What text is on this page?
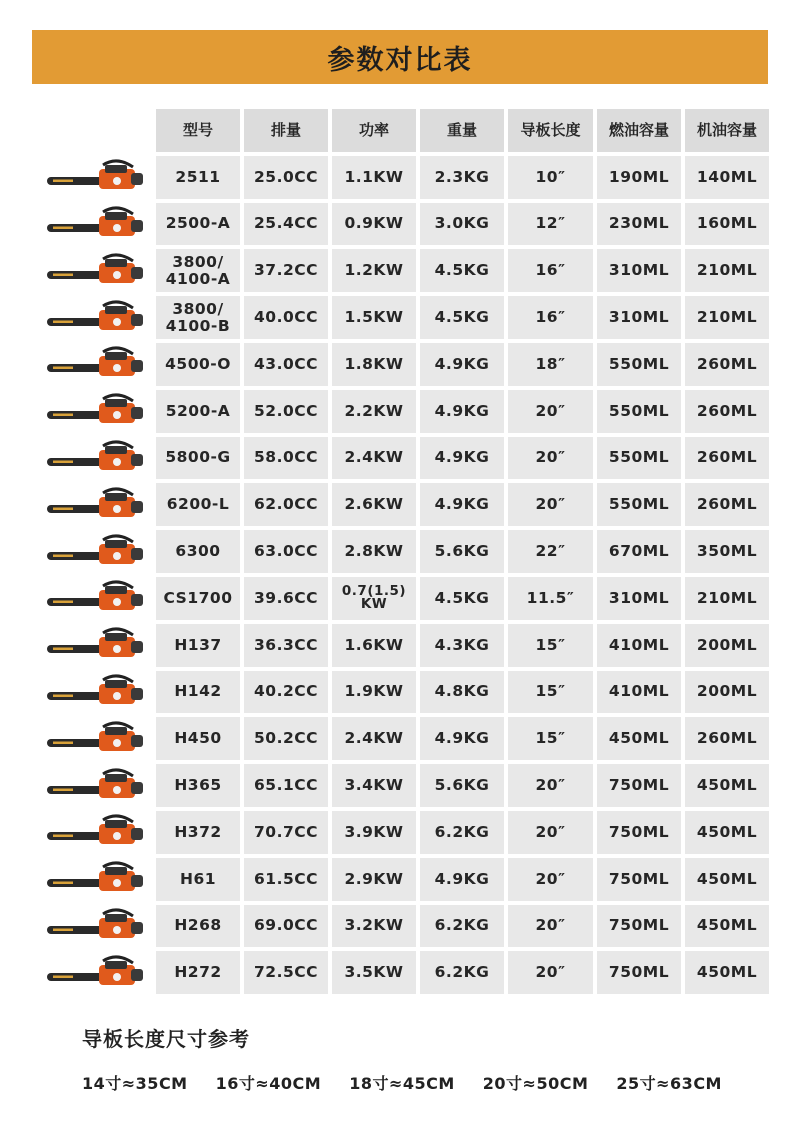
参数对比表
型号	排量	功率	重量	导板长度	燃油容量	机油容量
2511	25.0CC	1.1KW	2.3KG	10″	190ML	140ML
2500-A	25.4CC	0.9KW	3.0KG	12″	230ML	160ML
3800/
4100-A	37.2CC	1.2KW	4.5KG	16″	310ML	210ML
3800/
4100-B	40.0CC	1.5KW	4.5KG	16″	310ML	210ML
4500-O	43.0CC	1.8KW	4.9KG	18″	550ML	260ML
5200-A	52.0CC	2.2KW	4.9KG	20″	550ML	260ML
5800-G	58.0CC	2.4KW	4.9KG	20″	550ML	260ML
6200-L	62.0CC	2.6KW	4.9KG	20″	550ML	260ML
6300	63.0CC	2.8KW	5.6KG	22″	670ML	350ML
CS1700	39.6CC	0.7(1.5)
KW	4.5KG	11.5″	310ML	210ML
H137	36.3CC	1.6KW	4.3KG	15″	410ML	200ML
H142	40.2CC	1.9KW	4.8KG	15″	410ML	200ML
H450	50.2CC	2.4KW	4.9KG	15″	450ML	260ML
H365	65.1CC	3.4KW	5.6KG	20″	750ML	450ML
H372	70.7CC	3.9KW	6.2KG	20″	750ML	450ML
H61	61.5CC	2.9KW	4.9KG	20″	750ML	450ML
H268	69.0CC	3.2KW	6.2KG	20″	750ML	450ML
H272	72.5CC	3.5KW	6.2KG	20″	750ML	450ML
导板长度尺寸参考
14寸≈35CM 16寸≈40CM 18寸≈45CM 20寸≈50CM 25寸≈63CM
